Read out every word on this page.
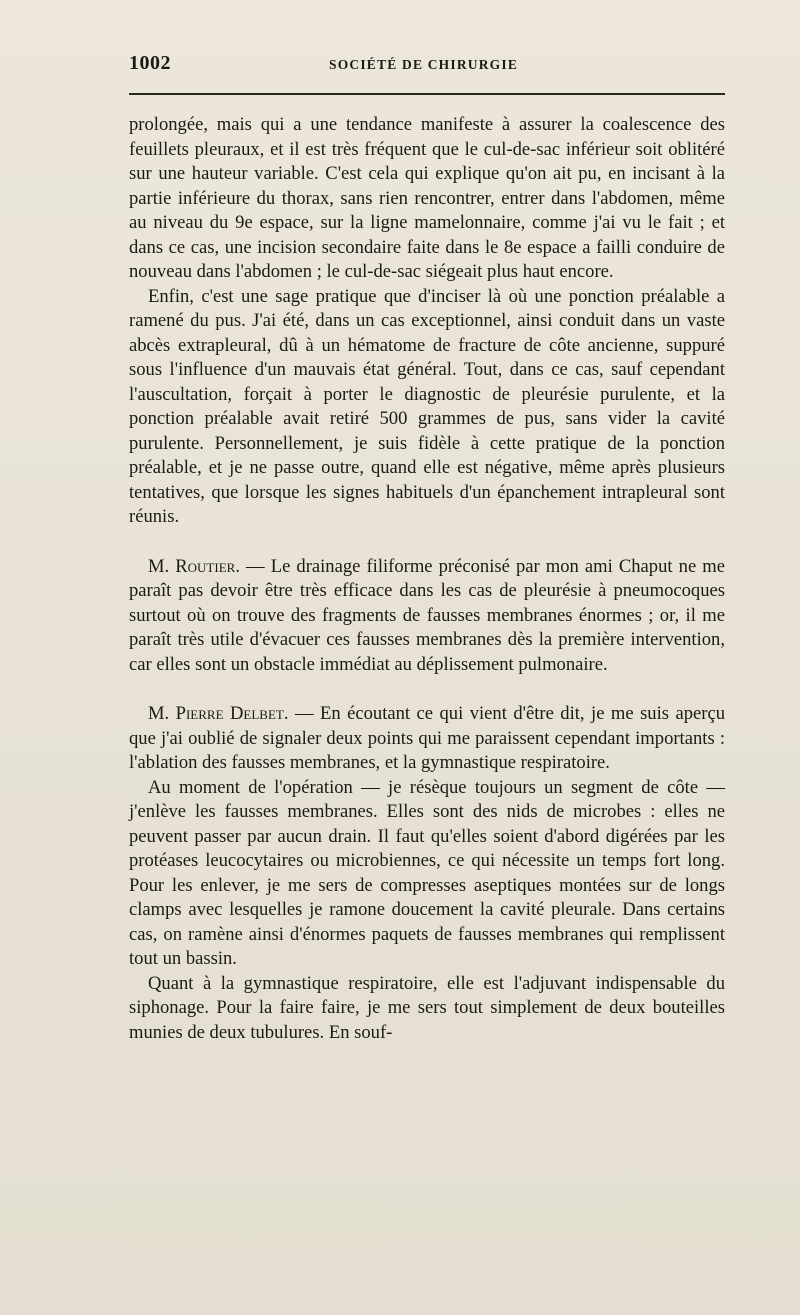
1002	SOCIÉTÉ DE CHIRURGIE

prolongée, mais qui a une tendance manifeste à assurer la coalescence des feuillets pleuraux, et il est très fréquent que le cul-de-sac inférieur soit oblitéré sur une hauteur variable. C'est cela qui explique qu'on ait pu, en incisant à la partie inférieure du thorax, sans rien rencontrer, entrer dans l'abdomen, même au niveau du 9e espace, sur la ligne mamelonnaire, comme j'ai vu le fait ; et dans ce cas, une incision secondaire faite dans le 8e espace a failli conduire de nouveau dans l'abdomen ; le cul-de-sac siégeait plus haut encore.

Enfin, c'est une sage pratique que d'inciser là où une ponction préalable a ramené du pus. J'ai été, dans un cas exceptionnel, ainsi conduit dans un vaste abcès extrapleural, dû à un hématome de fracture de côte ancienne, suppuré sous l'influence d'un mauvais état général. Tout, dans ce cas, sauf cependant l'auscultation, forçait à porter le diagnostic de pleurésie purulente, et la ponction préalable avait retiré 500 grammes de pus, sans vider la cavité purulente. Personnellement, je suis fidèle à cette pratique de la ponction préalable, et je ne passe outre, quand elle est négative, même après plusieurs tentatives, que lorsque les signes habituels d'un épanchement intrapleural sont réunis.

M. Routier. — Le drainage filiforme préconisé par mon ami Chaput ne me paraît pas devoir être très efficace dans les cas de pleurésie à pneumocoques surtout où on trouve des fragments de fausses membranes énormes ; or, il me paraît très utile d'évacuer ces fausses membranes dès la première intervention, car elles sont un obstacle immédiat au déplissement pulmonaire.

M. Pierre Delbet. — En écoutant ce qui vient d'être dit, je me suis aperçu que j'ai oublié de signaler deux points qui me paraissent cependant importants : l'ablation des fausses membranes, et la gymnastique respiratoire.

Au moment de l'opération — je résèque toujours un segment de côte — j'enlève les fausses membranes. Elles sont des nids de microbes : elles ne peuvent passer par aucun drain. Il faut qu'elles soient d'abord digérées par les protéases leucocytaires ou microbiennes, ce qui nécessite un temps fort long. Pour les enlever, je me sers de compresses aseptiques montées sur de longs clamps avec lesquelles je ramone doucement la cavité pleurale. Dans certains cas, on ramène ainsi d'énormes paquets de fausses membranes qui remplissent tout un bassin.

Quant à la gymnastique respiratoire, elle est l'adjuvant indispensable du siphonage. Pour la faire faire, je me sers tout simplement de deux bouteilles munies de deux tubulures. En souf-
